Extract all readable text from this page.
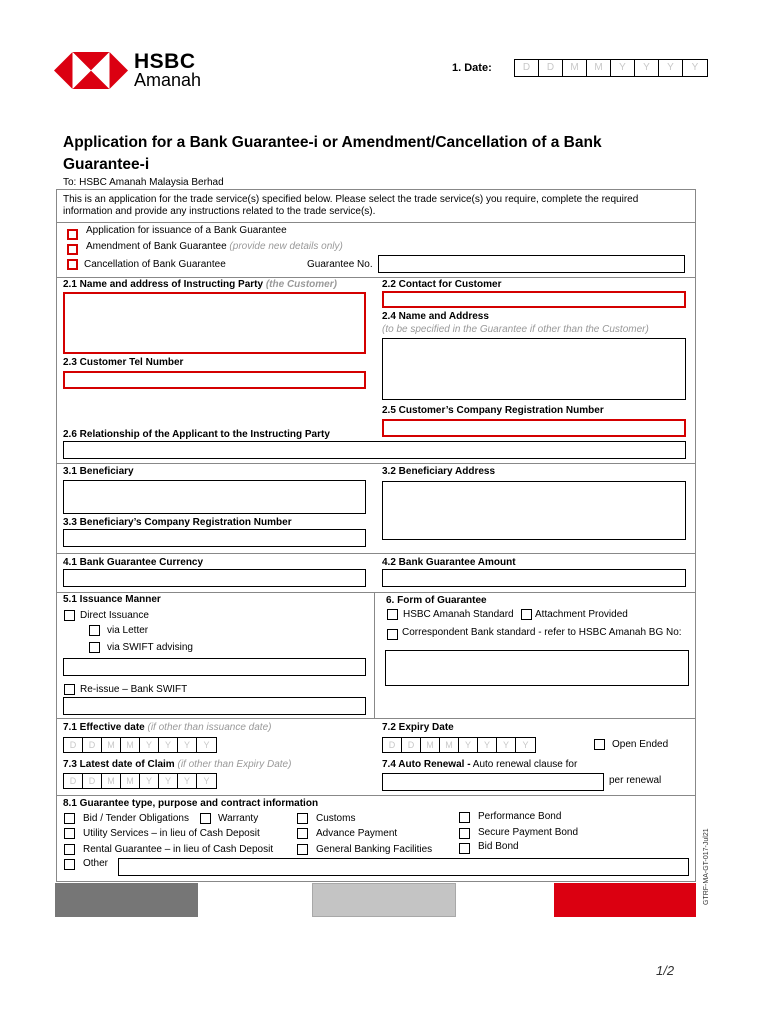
HSBC
Amanah
1. Date:	D	D	M	M	Y	Y	Y	Y
Application for a Bank Guarantee-i or Amendment/Cancellation of a Bank Guarantee-i
To: HSBC Amanah Malaysia Berhad
This is an application for the trade service(s) specified below. Please select the trade service(s) you require, complete the required
information and provide any instructions related to the trade service(s).
Application for issuance of a Bank Guarantee
Amendment of Bank Guarantee (provide new details only)
Cancellation of Bank Guarantee	Guarantee No.
2.1 Name and address of Instructing Party (the Customer)	2.2 Contact for Customer
2.4 Name and Address
(to be specified in the Guarantee if other than the Customer)
2.3 Customer Tel Number
2.5 Customer’s Company Registration Number
2.6 Relationship of the Applicant to the Instructing Party
3.1 Beneficiary	3.2 Beneficiary Address
3.3 Beneficiary’s Company Registration Number
4.1 Bank Guarantee Currency	4.2 Bank Guarantee Amount
5.1 Issuance Manner
Direct Issuance
via Letter
via SWIFT advising
Re-issue – Bank SWIFT
6. Form of Guarantee
HSBC Amanah Standard Attachment Provided
Correspondent Bank standard - refer to HSBC Amanah BG No:
7.1 Effective date (if other than issuance date)
D	D	M	M	Y	Y	Y	Y
7.2 Expiry Date
D	D	M	M	Y	Y	Y	Y	Open Ended
7.3 Latest date of Claim (if other than Expiry Date)
D	D	M	M	Y	Y	Y	Y
7.4 Auto Renewal - Auto renewal clause for
per renewal
8.1 Guarantee type, purpose and contract information
Bid / Tender Obligations	Warranty
Utility Services – in lieu of Cash Deposit
Rental Guarantee – in lieu of Cash Deposit
Other
Customs
Advance Payment
General Banking Facilities
Performance Bond
Secure Payment Bond
Bid Bond	GTRF-MA-GT-017-Jul21
1/2
